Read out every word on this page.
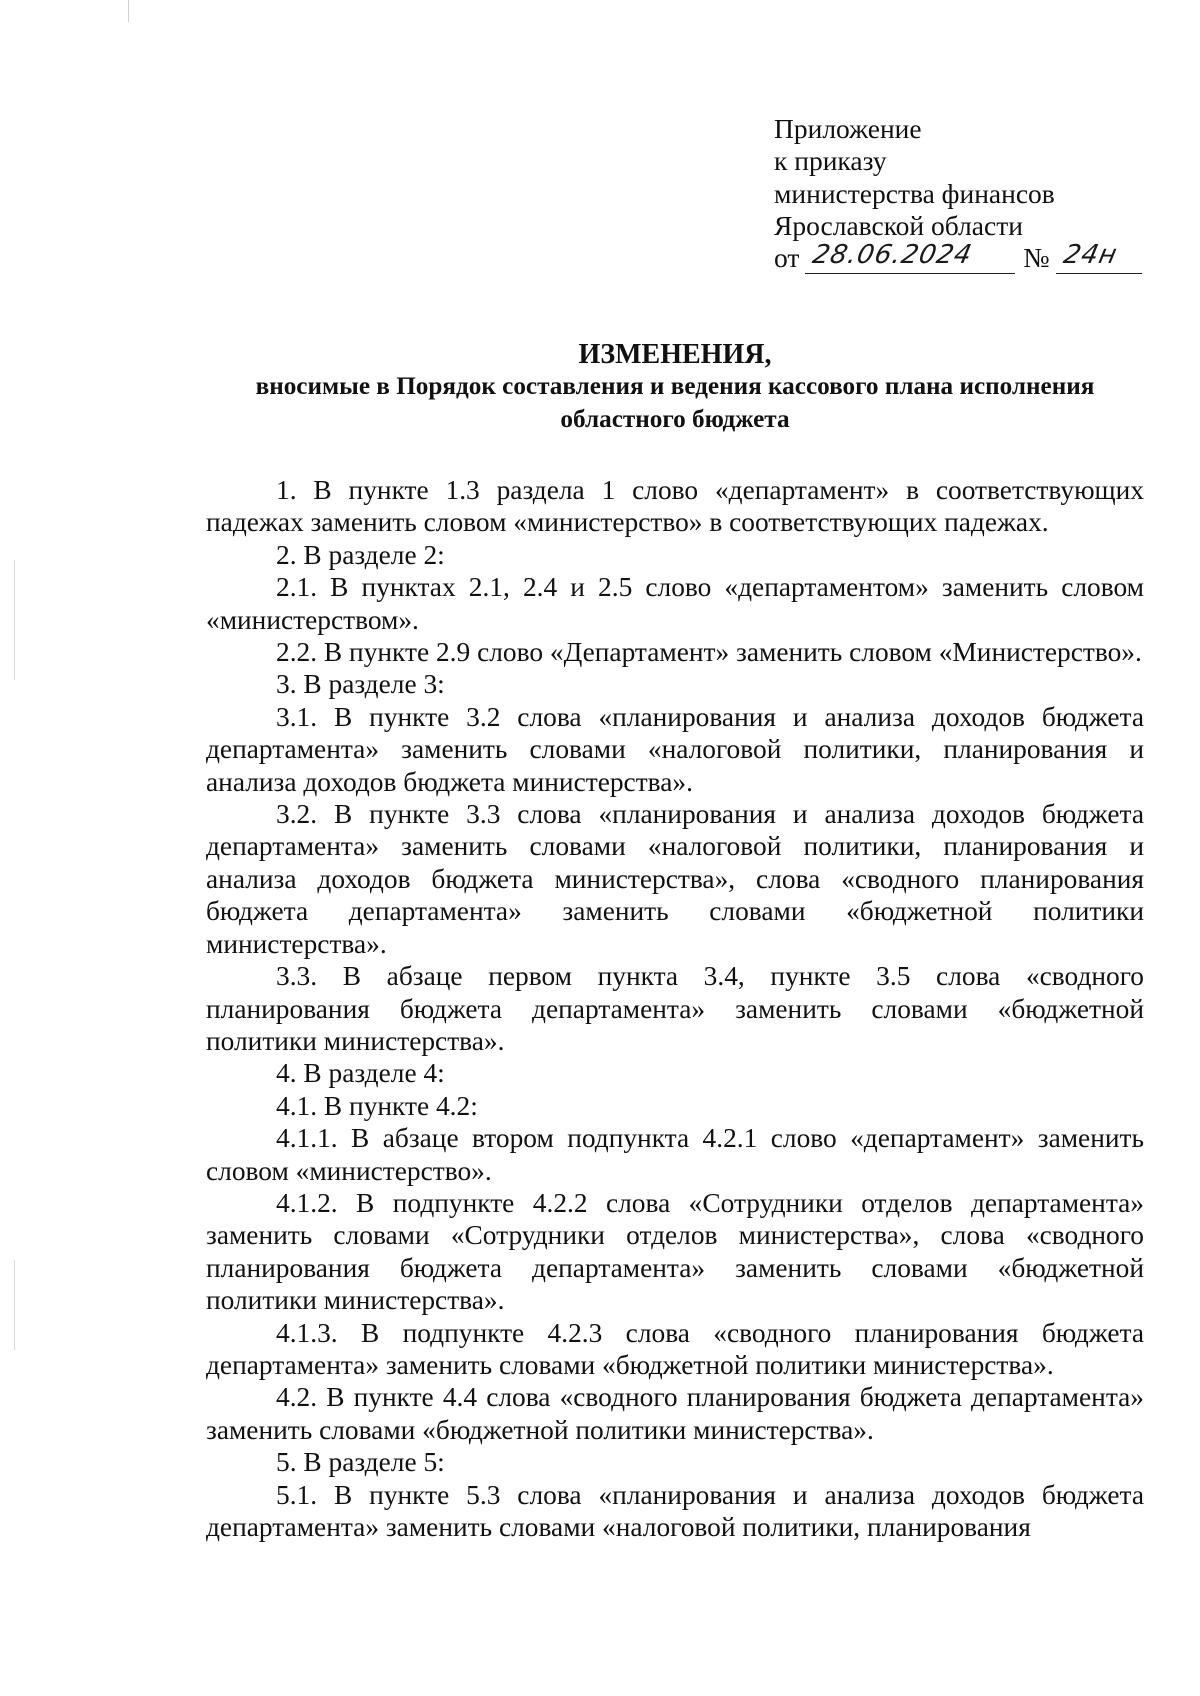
Приложение
к приказу
министерства финансов
Ярославской области
от 28.06.2024 № 24н
ИЗМЕНЕНИЯ,
вносимые в Порядок составления и ведения кассового плана исполнения областного бюджета

1. В пункте 1.3 раздела 1 слово «департамент» в соответствующих падежах заменить словом «министерство» в соответствующих падежах.

2. В разделе 2:

2.1. В пунктах 2.1, 2.4 и 2.5 слово «департаментом» заменить словом «министерством».

2.2. В пункте 2.9 слово «Департамент» заменить словом «Министерство».

3. В разделе 3:

3.1. В пункте 3.2 слова «планирования и анализа доходов бюджета департамента» заменить словами «налоговой политики, планирования и анализа доходов бюджета министерства».

3.2. В пункте 3.3 слова «планирования и анализа доходов бюджета департамента» заменить словами «налоговой политики, планирования и анализа доходов бюджета министерства», слова «сводного планирования бюджета департамента» заменить словами «бюджетной политики министерства».

3.3. В абзаце первом пункта 3.4, пункте 3.5 слова «сводного планирования бюджета департамента» заменить словами «бюджетной политики министерства».

4. В разделе 4:

4.1. В пункте 4.2:

4.1.1. В абзаце втором подпункта 4.2.1 слово «департамент» заменить словом «министерство».

4.1.2. В подпункте 4.2.2 слова «Сотрудники отделов департамента» заменить словами «Сотрудники отделов министерства», слова «сводного планирования бюджета департамента» заменить словами «бюджетной политики министерства».

4.1.3. В подпункте 4.2.3 слова «сводного планирования бюджета департамента» заменить словами «бюджетной политики министерства».

4.2. В пункте 4.4 слова «сводного планирования бюджета департамента» заменить словами «бюджетной политики министерства».

5. В разделе 5:

5.1. В пункте 5.3 слова «планирования и анализа доходов бюджета департамента» заменить словами «налоговой политики, планирования
